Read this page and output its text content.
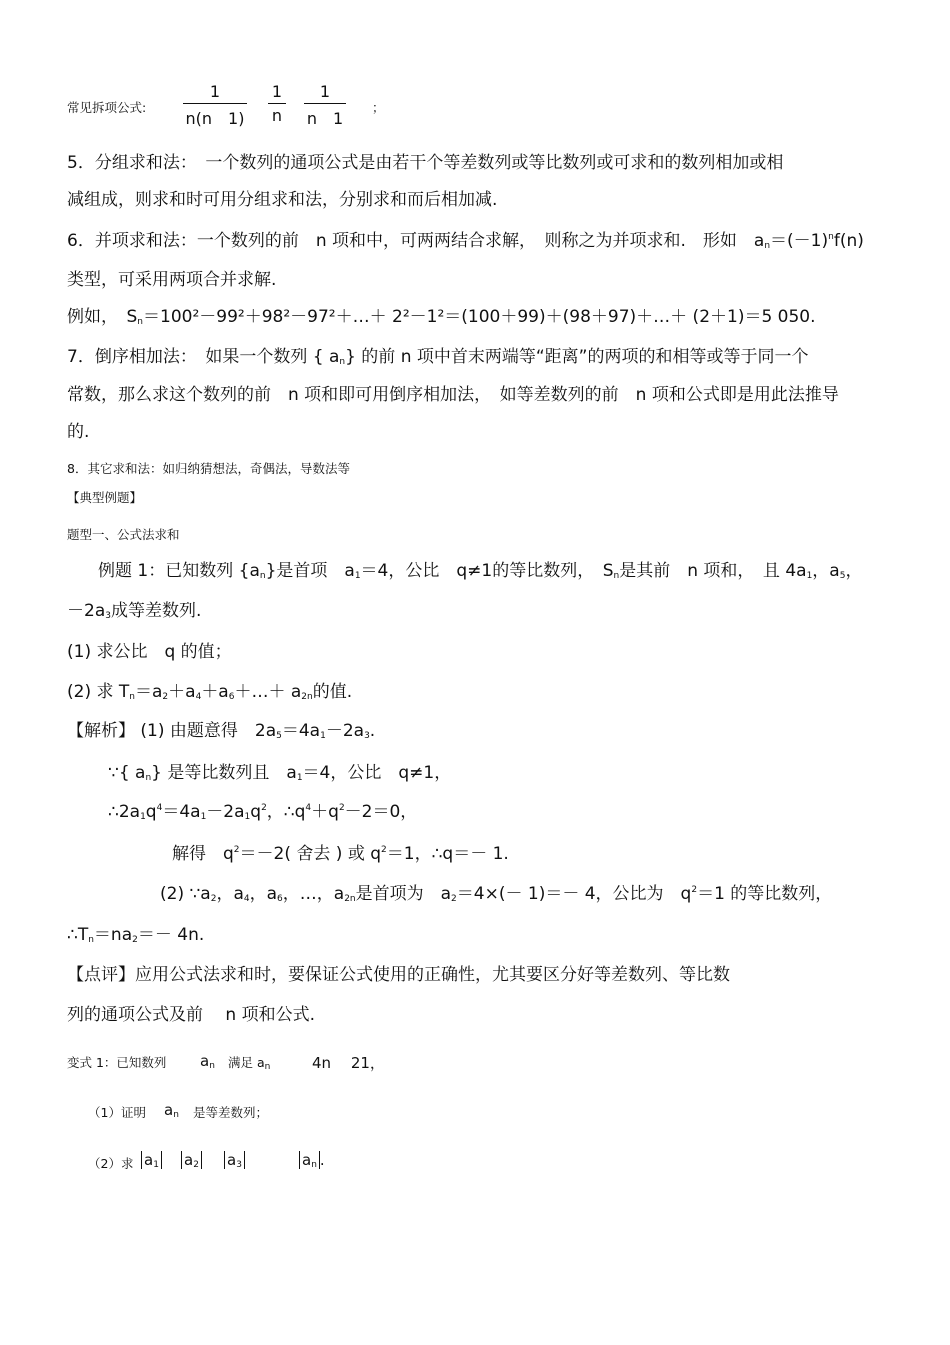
常见拆项公式:
1
n(n　1)
1
n
1
n　1
；
5．分组求和法：　一个数列的通项公式是由若干个等差数列或等比数列或可求和的数列相加或相
减组成，则求和时可用分组求和法，分别求和而后相加减.
6．并项求和法：一个数列的前　n 项和中，可两两结合求解，　则称之为并项求和.　形如　$a_n=(-1)^nf(n)$
类型，可采用两项合并求解.
例如，　$S_n=100^2-99^2+98^2-97^2+\dots+$ 2²－1²＝(100＋99)＋(98＋97)＋…＋ (2＋1)＝5 050.
7．倒序相加法：　如果一个数列 { $a_n$} 的前 n 项中首末两端等“距离”的两项的和相等或等于同一个
常数，那么求这个数列的前　n 项和即可用倒序相加法，　如等差数列的前　n 项和公式即是用此法推导
的.
8．其它求和法：如归纳猜想法，奇偶法，导数法等
【典型例题】
题型一、公式法求和
例题 1：已知数列 $\{a_n\}$是首项　$a_1=4$，公比　q≠1的等比数列，　$S_n$是其前　n 项和，　且 $4a_1$，$a_5$，
$-2a_3$成等差数列.
(1) 求公比　q 的值；
(2) 求 $T_n=a_2+a_4+a_6+\dots+ a_{2n}$的值.
【解析】 (1) 由题意得　$2a_5=4a_1-2a_3$.
∵{ $a_n$} 是等比数列且　$a_1=4$，公比　q≠1，
$\therefore 2a_1q^4=4a_1-2a_1q^2$，$\therefore q^4+q^2-2=0$，
解得　$q^2=-2$( 舍去 ) 或 $q^2=1$，∴q＝－ 1.
(2) $\because a_2$，$a_4$，$a_6$，…，$a_{2n}$是首项为　$a_2=4\times(- 1)=- 4$，公比为　$q^2=1$ 的等比数列，
$\therefore T_n=na_2=- 4n$.
【点评】应用公式法求和时，要保证公式使用的正确性，尤其要区分好等差数列、等比数
列的通项公式及前　 n 项和公式.
变式 1：已知数列 $a_n$ 满足 $a_n$	4n　 21，
（1）证明 $a_n$ 是等差数列；
（2）求 $a_1$ $a_2$ $a_3$	$a_n$ .
